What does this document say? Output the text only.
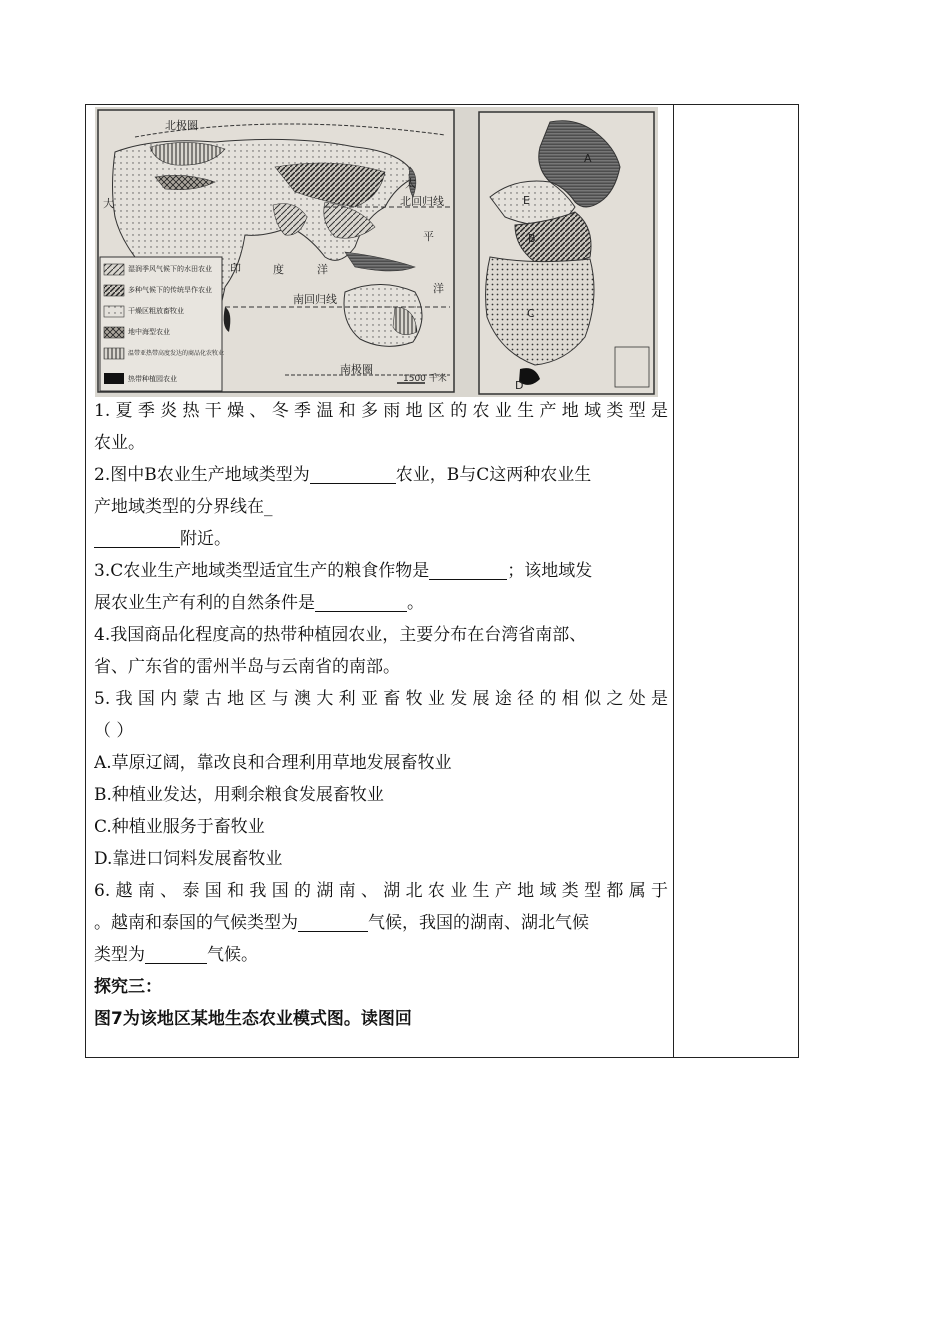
北极圈
大
太
北回归线
平
印	度	洋
洋
南回归线
南极圈
1500 千米
湿润季风气候下的水田农业
多种气候下的传统旱作农业
干燥区粗放畜牧业
地中海型农业
温带亚热带高度发达的商品化农牧业
热带种植园农业
A
E
B
C
D
1.夏季炎热干燥、冬季温和多雨地区的农业生产地域类型是
农业。
2.图中B农业生产地域类型为	农业，B与C这两种农业生
产地域类型的分界线在_
附近。
3.C农业生产地域类型适宜生产的粮食作物是	；该地域发
展农业生产有利的自然条件是	。
4.我国商品化程度高的热带种植园农业，主要分布在台湾省南部、
省、广东省的雷州半岛与云南省的南部。
5.我国内蒙古地区与澳大利亚畜牧业发展途径的相似之处是
（ ）
A.草原辽阔，靠改良和合理利用草地发展畜牧业
B.种植业发达，用剩余粮食发展畜牧业
C.种植业服务于畜牧业
D.靠进口饲料发展畜牧业
6.越南、泰国和我国的湖南、湖北农业生产地域类型都属于
。越南和泰国的气候类型为	气候，我国的湖南、湖北气候
类型为	气候。
探究三：
图7为该地区某地生态农业模式图。读图回
